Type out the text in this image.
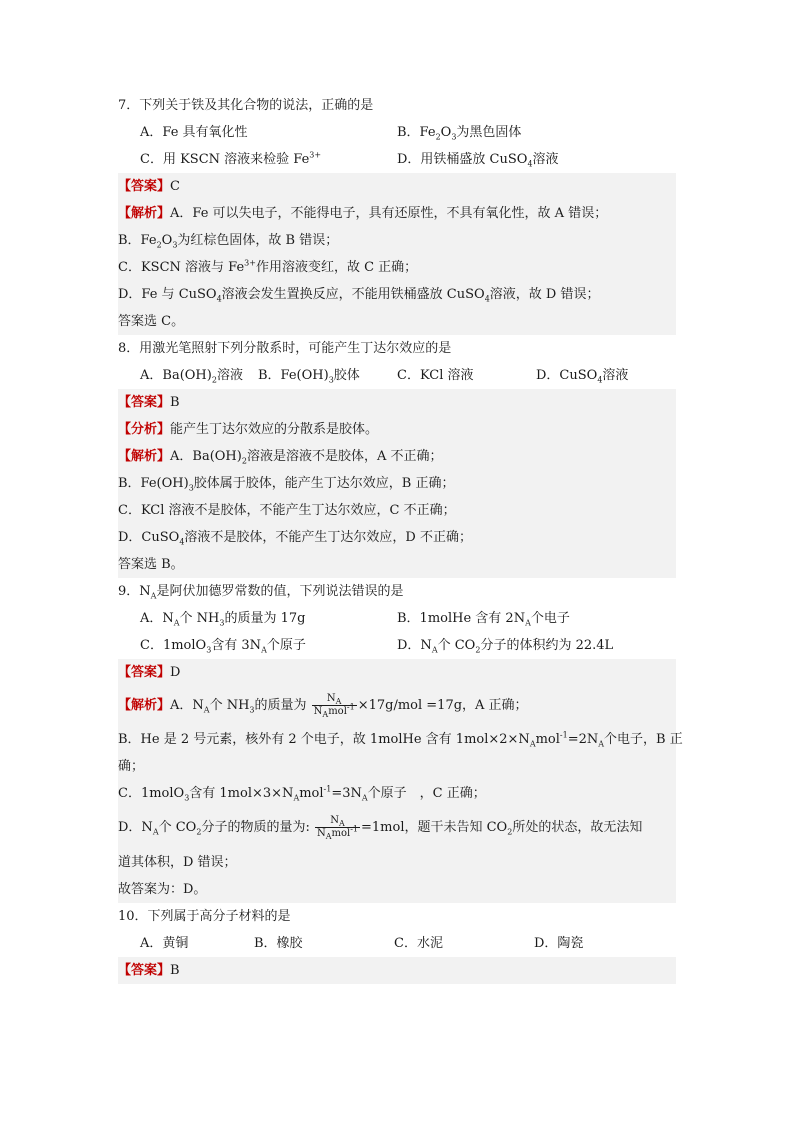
7．下列关于铁及其化合物的说法，正确的是
A．Fe 具有氧化性	B．$Fe_2O_3$为黑色固体
C．用 KSCN 溶液来检验 $Fe^{3+}$	D．用铁桶盛放 CuSO$_4$溶液
【答案】C
【解析】A．Fe 可以失电子，不能得电子，具有还原性，不具有氧化性，故 A 错误；
B．$Fe_2O_3$为红棕色固体，故 B 错误；
C．KSCN 溶液与 $Fe^{3+}$作用溶液变红，故 C 正确；
D．Fe 与 CuSO$_4$溶液会发生置换反应，不能用铁桶盛放 CuSO$_4$溶液，故 D 错误；
答案选 C。
8．用激光笔照射下列分散系时，可能产生丁达尔效应的是
A．$Ba(OH)_2$溶液	B．$Fe(OH)_3$胶体	C．KCl 溶液	D．CuSO$_4$溶液
【答案】B
【分析】能产生丁达尔效应的分散系是胶体。
【解析】A．$Ba(OH)_2$溶液是溶液不是胶体，A 不正确；
B．$Fe(OH)_3$胶体属于胶体，能产生丁达尔效应，B 正确；
C．KCl 溶液不是胶体，不能产生丁达尔效应，C 不正确；
D．CuSO$_4$溶液不是胶体，不能产生丁达尔效应，D 不正确；
答案选 B。
9．$N_A$是阿伏加德罗常数的值，下列说法错误的是
A．$N_A$个 $NH_3$的质量为 17g	B．1molHe 含有 $2N_A$个电子
C．1molO$_3$含有 $3N_A$个原子	D．$N_A$个 $CO_2$分子的体积约为 22.4L
【答案】D
【解析】A．$N_A$个 $NH_3$的质量为 $\frac{N_A}{N_Amol^{-1}} \times 17g/mol =17g$，A 正确；
B．He 是 2 号元素，核外有 2 个电子，故 1molHe 含有 $1mol\times 2\times N_Amol^{-1}=2N_A$个电子，B 正
确；
C．1molO$_3$含有 $1mol\times 3\times N_Amol^{-1}=3N_A$个原子　，C 正确；
D．$N_A$个 $CO_2$分子的物质的量为: $\frac{N_A}{N_Amol^{-1}} =1mol$，题干未告知 $CO_2$所处的状态，故无法知
道其体积，D 错误；
故答案为：D。
10．下列属于高分子材料的是
A．黄铜	B．橡胶	C．水泥	D．陶瓷
【答案】B
